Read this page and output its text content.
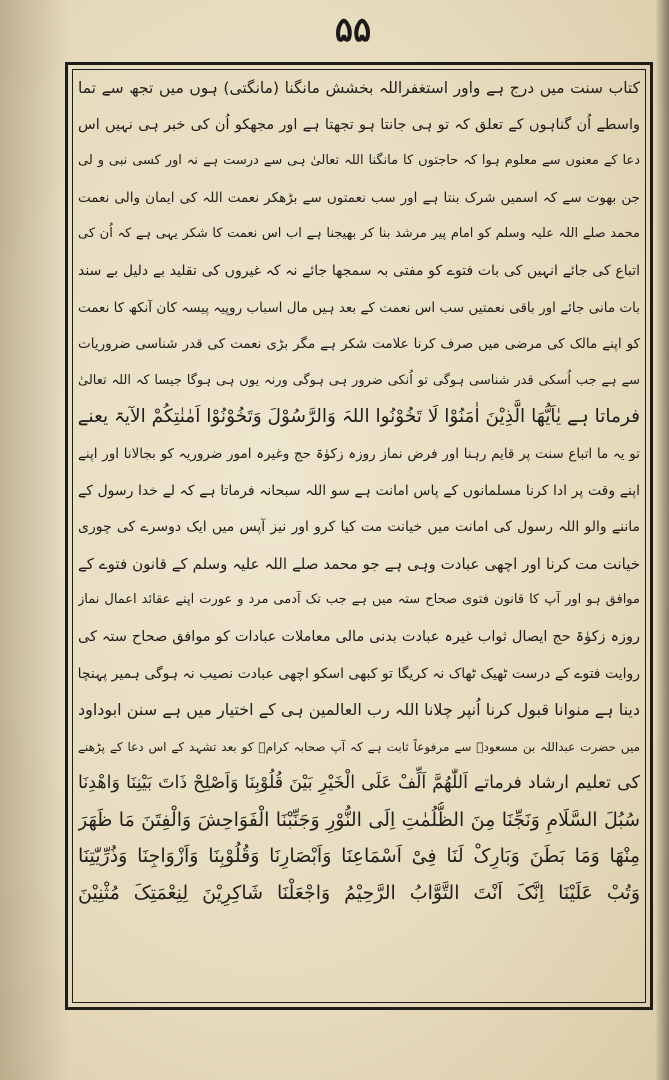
۵۵
کتاب سنت میں درج ہے واور استغفراللہ بخشش مانگنا (مانگتی) ہوں میں تجھ سے تما
واسطے اُن گناہوں کے تعلق کہ تو ہی جانتا ہو تجھتا ہے اور مجھکو اُن کی خبر ہی نہیں اس
دعا کے معنوں سے معلوم ہوا کہ حاجتوں کا مانگنا اللہ تعالیٰ ہی سے درست ہے نہ اور کسی نبی و لی
جن بھوت سے کہ اسمیں شرک بنتا ہے اور سب نعمتوں سے بڑھکر نعمت اللہ کی ایمان والی نعمت
محمد صلے اللہ علیہ وسلم کو امام پیر مرشد بنا کر بھیجنا ہے اب اس نعمت کا شکر یہی ہے کہ اُن کی
اتباع کی جائے انہیں کی بات فتوے کو مفتی بہ سمجھا جائے نہ کہ غیروں کی تقلید بے دلیل بے سند
بات مانی جائے اور باقی نعمتیں سب اس نعمت کے بعد ہیں مال اسباب روپیہ پیسہ کان آنکھ کا نعمت
کو اپنے مالک کی مرضی میں صرف کرنا علامت شکر ہے مگر بڑی نعمت کی قدر شناسی ضروریات
سے ہے جب اُسکی قدر شناسی ہوگی تو اُنکی ضرور ہی ہوگی ورنہ یوں ہی ہوگا جیسا کہ اللہ تعالیٰ
فرماتا ہے یٰاَیُّھَا الَّذِیْنَ اٰمَنُوْا لَا تَخُوْنُوا اللہَ وَالرَّسُوْلَ وَتَخُوْنُوْا اَمٰنٰتِکُمْ الآیۃ یعنے
تو یہ ما اتباع سنت پر قایم رہنا اور فرض نماز روزہ زکوٰۃ حج وغیرہ امور ضروریہ کو بجالانا اور اپنے
اپنے وقت پر ادا کرنا مسلمانوں کے پاس امانت ہے سو اللہ سبحانہ فرماتا ہے کہ لے خدا رسول کے
ماننے والو اللہ رسول کی امانت میں خیانت مت کیا کرو اور نیز آپس میں ایک دوسرے کی چوری
خیانت مت کرنا اور اچھی عبادت وہی ہے جو محمد صلے اللہ علیہ وسلم کے قانون فتوے کے
موافق ہو اور آپ کا قانون فتوی صحاح ستہ میں ہے جب تک آدمی مرد و عورت اپنے عقائد اعمال نماز
روزہ زکوٰۃ حج ایصال ثواب غیرہ عبادت بدنی مالی معاملات عبادات کو موافق صحاح ستہ کی
روایت فتوے کے درست ٹھیک ٹھاک نہ کریگا تو کبھی اسکو اچھی عبادت نصیب نہ ہوگی ہمیر پہنچا
دینا ہے منوانا قبول کرنا اُنپر چلانا اللہ رب العالمین ہی کے اختیار میں ہے سنن ابوداود
میں حضرت عبداللہ بن مسعودؓ سے مرفوعاً ثابت ہے کہ آپ صحابہ کرامؓ کو بعد تشہد کے اس دعا کے پڑھنے
کی تعلیم ارشاد فرماتے اَللّٰھُمَّ اَلِّفْ عَلَی الْخَیْرِ بَیْنَ قُلُوْبِنَا وَاَصْلِحْ ذَاتَ بَیْنِنَا وَاھْدِنَا
سُبُلَ السَّلَامِ وَنَجِّنَا مِنَ الظُّلُمٰتِ اِلَی النُّوْرِ وَجَنِّبْنَا الْفَوَاحِشَ وَالْفِتَنَ مَا ظَھَرَ
مِنْھَا وَمَا بَطَنَ وَبَارِکْ لَنَا فِیْ اَسْمَاعِنَا وَاَبْصَارِنَا وَقُلُوْبِنَا وَاَزْوَاجِنَا وَذُرِّیّٰتِنَا
وَتُبْ عَلَیْنَا اِنَّکَ اَنْتَ التَّوَّابُ الرَّحِیْمُ وَاجْعَلْنَا شَاکِرِیْنَ لِنِعْمَتِکَ مُثْنِیْنَ
